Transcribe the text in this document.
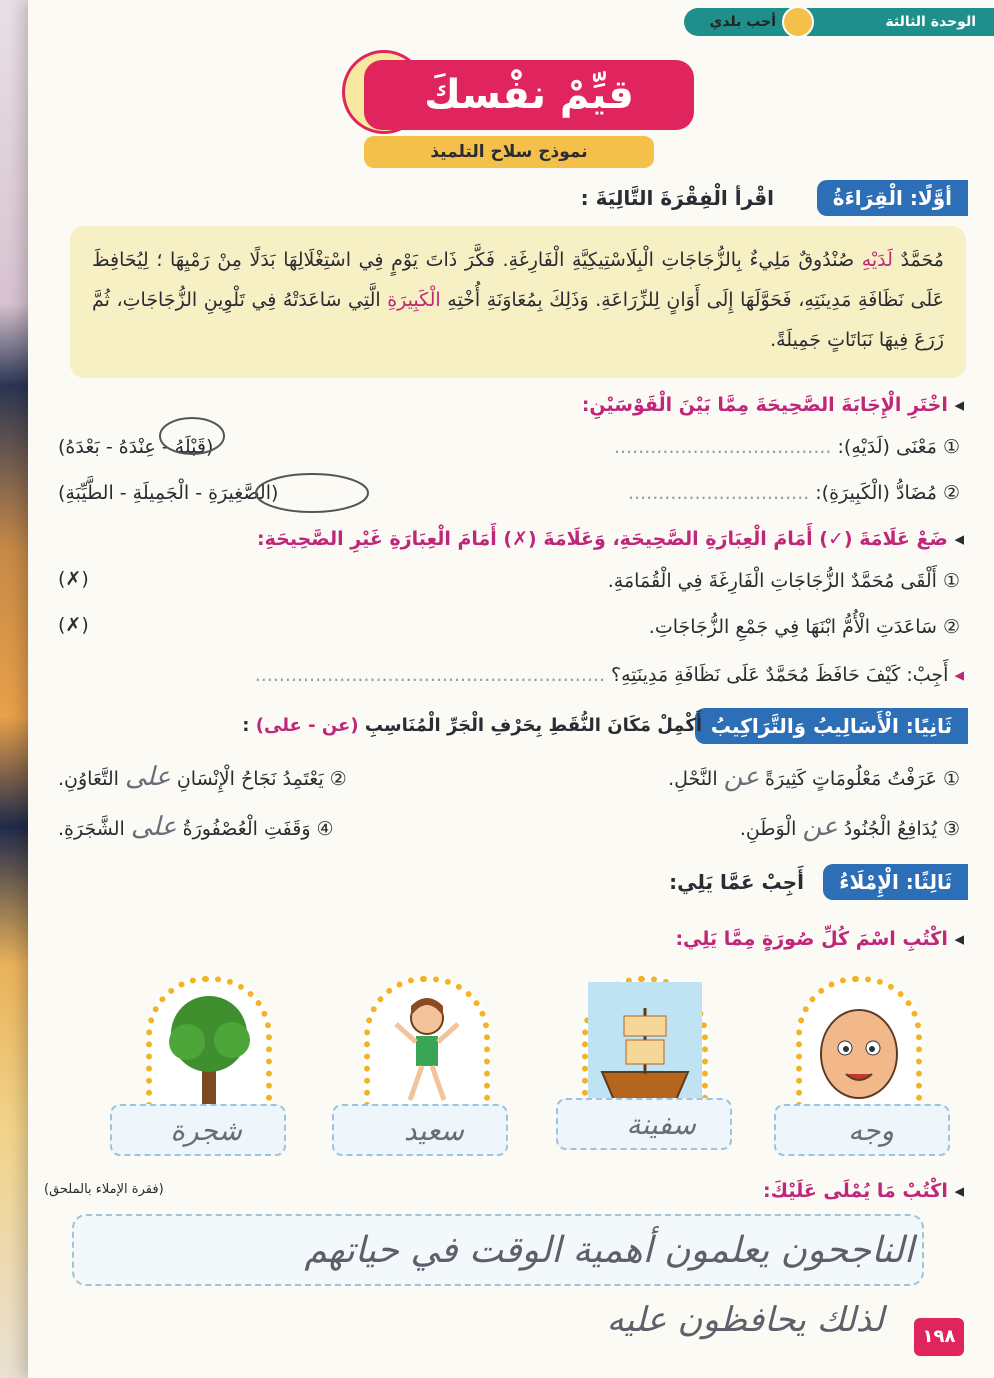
الوحدة الثالثة
أحب بلدي
قيِّمْ نفْسكَ
نموذج سلاح التلميذ
أوَّلًا: الْقِرَاءَةُ
اقْرأ الْفِقْرَةَ التَّالِيَةَ :
مُحَمَّدٌ لَدَيْهِ صُنْدُوقٌ مَلِيءٌ بِالزُّجَاجَاتِ الْبِلَاسْتِيكِيَّةِ الْفَارِغَةِ. فَكَّرَ ذَاتَ يَوْمٍ فِي اسْتِغْلَالِهَا بَدَلًا مِنْ رَمْيِهَا ؛ لِيُحَافِظَ عَلَى نَظَافَةِ مَدِينَتِهِ، فَحَوَّلَهَا إِلَى أَوَانٍ لِلزِّرَاعَةِ. وَذَلِكَ بِمُعَاوَنَةِ أُخْتِهِ الْكَبِيرَةِ الَّتِي سَاعَدَتْهُ فِي تَلْوِينِ الزُّجَاجَاتِ، ثُمَّ زَرَعَ فِيهَا نَبَاتَاتٍ جَمِيلَةً.
◂ اخْتَرِ الْإِجَابَةَ الصَّحِيحَةَ مِمَّا بَيْنَ الْقَوْسَيْنِ:
① مَعْنَى (لَدَيْهِ): ....................................
(قَبْلَهُ - عِنْدَهُ - بَعْدَهُ)
② مُضَادُّ (الْكَبِيرَةِ): ..............................
(الصَّغِيرَةِ - الْجَمِيلَةِ - الطَّيِّبَةِ)
◂ ضَعْ عَلَامَةَ (✓) أَمَامَ الْعِبَارَةِ الصَّحِيحَةِ، وَعَلَامَةَ (✗) أَمَامَ الْعِبَارَةِ غَيْرِ الصَّحِيحَةِ:
① أَلْقَى مُحَمَّدٌ الزُّجَاجَاتِ الْفَارِغَةَ فِي الْقُمَامَةِ.
(✗)
② سَاعَدَتِ الْأُمُّ ابْنَهَا فِي جَمْعِ الزُّجَاجَاتِ.
(✗)
◂ أَجِبْ: كَيْفَ حَافَظَ مُحَمَّدٌ عَلَى نَظَافَةِ مَدِينَتِهِ؟ ..........................................................
ثَانِيًا: الْأَسَالِيبُ وَالتَّرَاكِيبُ
أَكْمِلْ مَكَانَ النُّقَطِ بِحَرْفِ الْجَرِّ الْمُنَاسِبِ (عن - على) :
① عَرَفْتُ مَعْلُومَاتٍ كَثِيرَةً عن النَّحْلِ.
② يَعْتَمِدُ نَجَاحُ الْإِنْسَانِ على التَّعَاوُنِ.
③ يُدَافِعُ الْجُنُودُ عن الْوَطَنِ.
④ وَقَفَتِ الْعُصْفُورَةُ على الشَّجَرَةِ.
ثَالِثًا: الْإِمْلَاءُ
أَجِبْ عَمَّا يَلِي:
◂ اكْتُبِ اسْمَ كُلِّ صُورَةٍ مِمَّا يَلِي:
وجه
سفينة
سعيد
شجرة
◂ اكْتُبْ مَا يُمْلَى عَلَيْكَ:
(فقرة الإملاء بالملحق)
الناجحون يعلمون أهمية الوقت في حياتهم
لذلك يحافظون عليه	١٩٨
